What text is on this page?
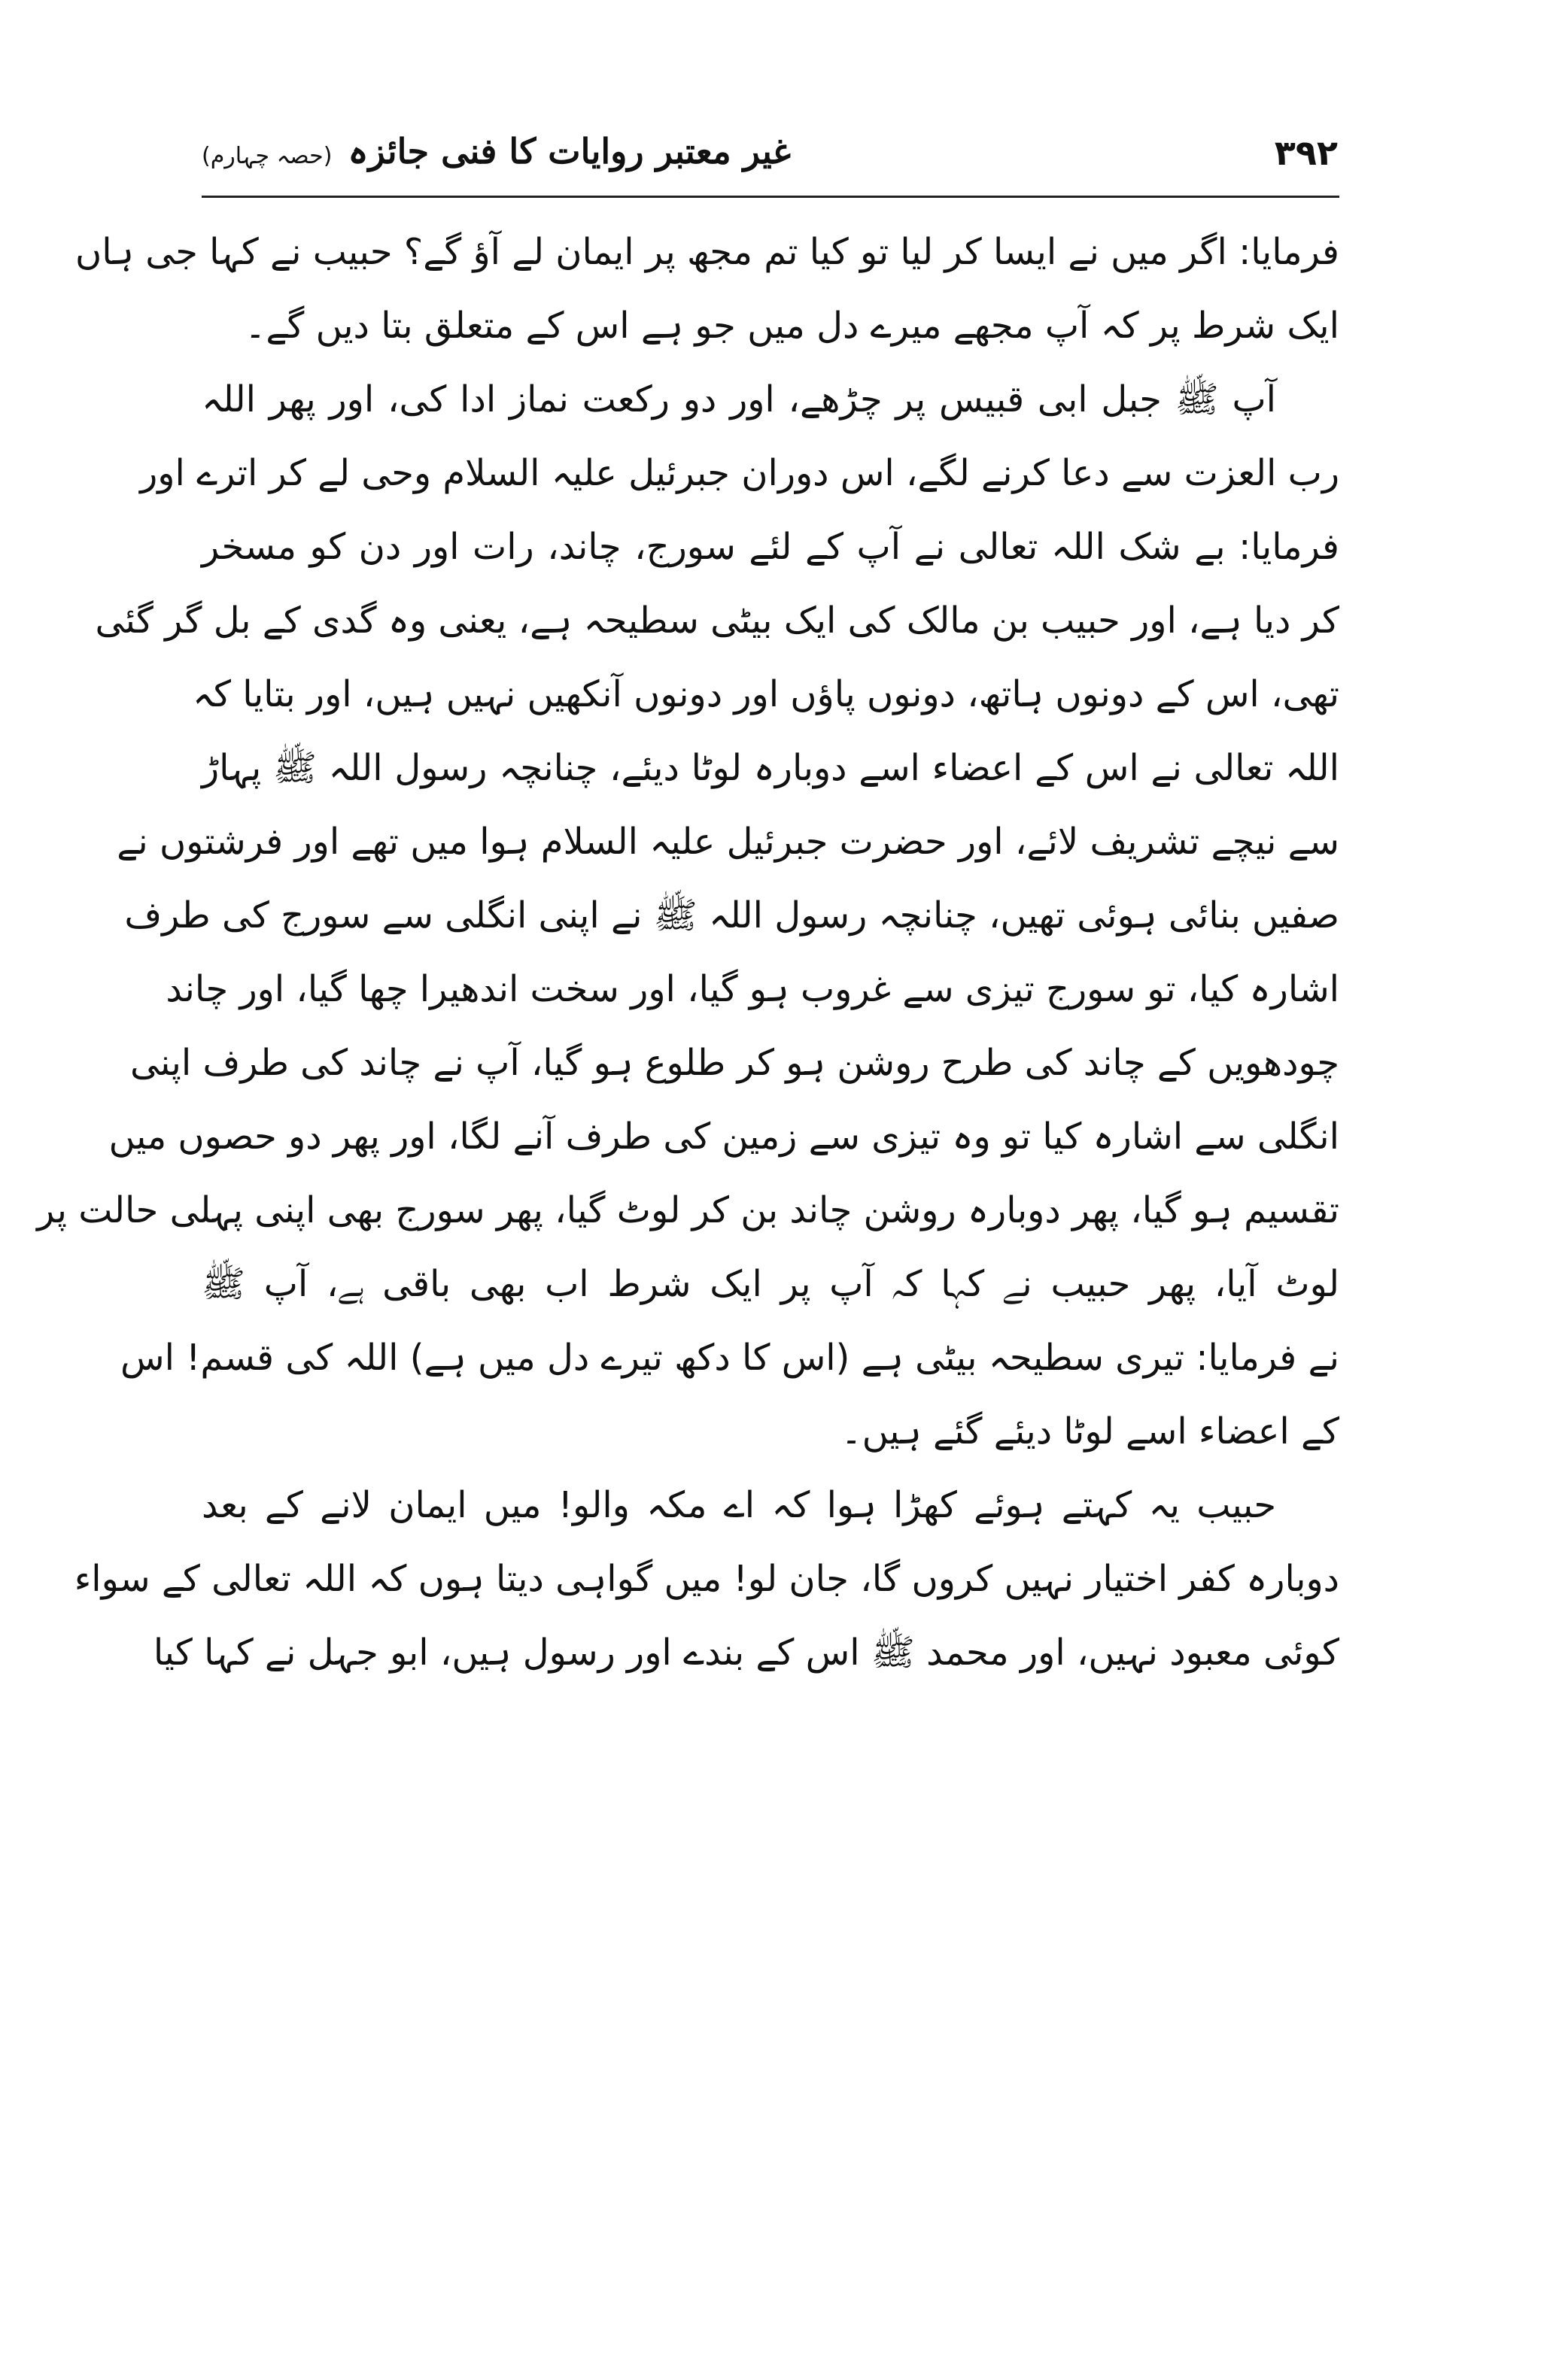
۳۹۲
غیر معتبر روایات کا فنی جائزہ (حصہ چہارم)
فرمایا: اگر میں نے ایسا کر لیا تو کیا تم مجھ پر ایمان لے آؤ گے؟ حبیب نے کہا جی ہاں
ایک شرط پر کہ آپ مجھے میرے دل میں جو ہے اس کے متعلق بتا دیں گے۔
آپ ﷺ جبل ابی قبیس پر چڑھے، اور دو رکعت نماز ادا کی، اور پھر اللہ
رب العزت سے دعا کرنے لگے، اس دوران جبرئیل علیہ السلام وحی لے کر اترے اور
فرمایا: بے شک اللہ تعالی نے آپ کے لئے سورج، چاند، رات اور دن کو مسخر
کر دیا ہے، اور حبیب بن مالک کی ایک بیٹی سطیحہ ہے، یعنی وہ گدی کے بل گر گئی
تھی، اس کے دونوں ہاتھ، دونوں پاؤں اور دونوں آنکھیں نہیں ہیں، اور بتایا کہ
اللہ تعالی نے اس کے اعضاء اسے دوبارہ لوٹا دیئے، چنانچہ رسول اللہ ﷺ پہاڑ
سے نیچے تشریف لائے، اور حضرت جبرئیل علیہ السلام ہوا میں تھے اور فرشتوں نے
صفیں بنائی ہوئی تھیں، چنانچہ رسول اللہ ﷺ نے اپنی انگلی سے سورج کی طرف
اشارہ کیا، تو سورج تیزی سے غروب ہو گیا، اور سخت اندھیرا چھا گیا، اور چاند
چودھویں کے چاند کی طرح روشن ہو کر طلوع ہو گیا، آپ نے چاند کی طرف اپنی
انگلی سے اشارہ کیا تو وہ تیزی سے زمین کی طرف آنے لگا، اور پھر دو حصوں میں
تقسیم ہو گیا، پھر دوبارہ روشن چاند بن کر لوٹ گیا، پھر سورج بھی اپنی پہلی حالت پر
لوٹ آیا، پھر حبیب نے کہا کہ آپ پر ایک شرط اب بھی باقی ہے، آپ ﷺ
نے فرمایا: تیری سطیحہ بیٹی ہے (اس کا دکھ تیرے دل میں ہے) اللہ کی قسم! اس
کے اعضاء اسے لوٹا دیئے گئے ہیں۔
حبیب یہ کہتے ہوئے کھڑا ہوا کہ اے مکہ والو! میں ایمان لانے کے بعد
دوبارہ کفر اختیار نہیں کروں گا، جان لو! میں گواہی دیتا ہوں کہ اللہ تعالی کے سواء
کوئی معبود نہیں، اور محمد ﷺ اس کے بندے اور رسول ہیں، ابو جہل نے کہا کیا
